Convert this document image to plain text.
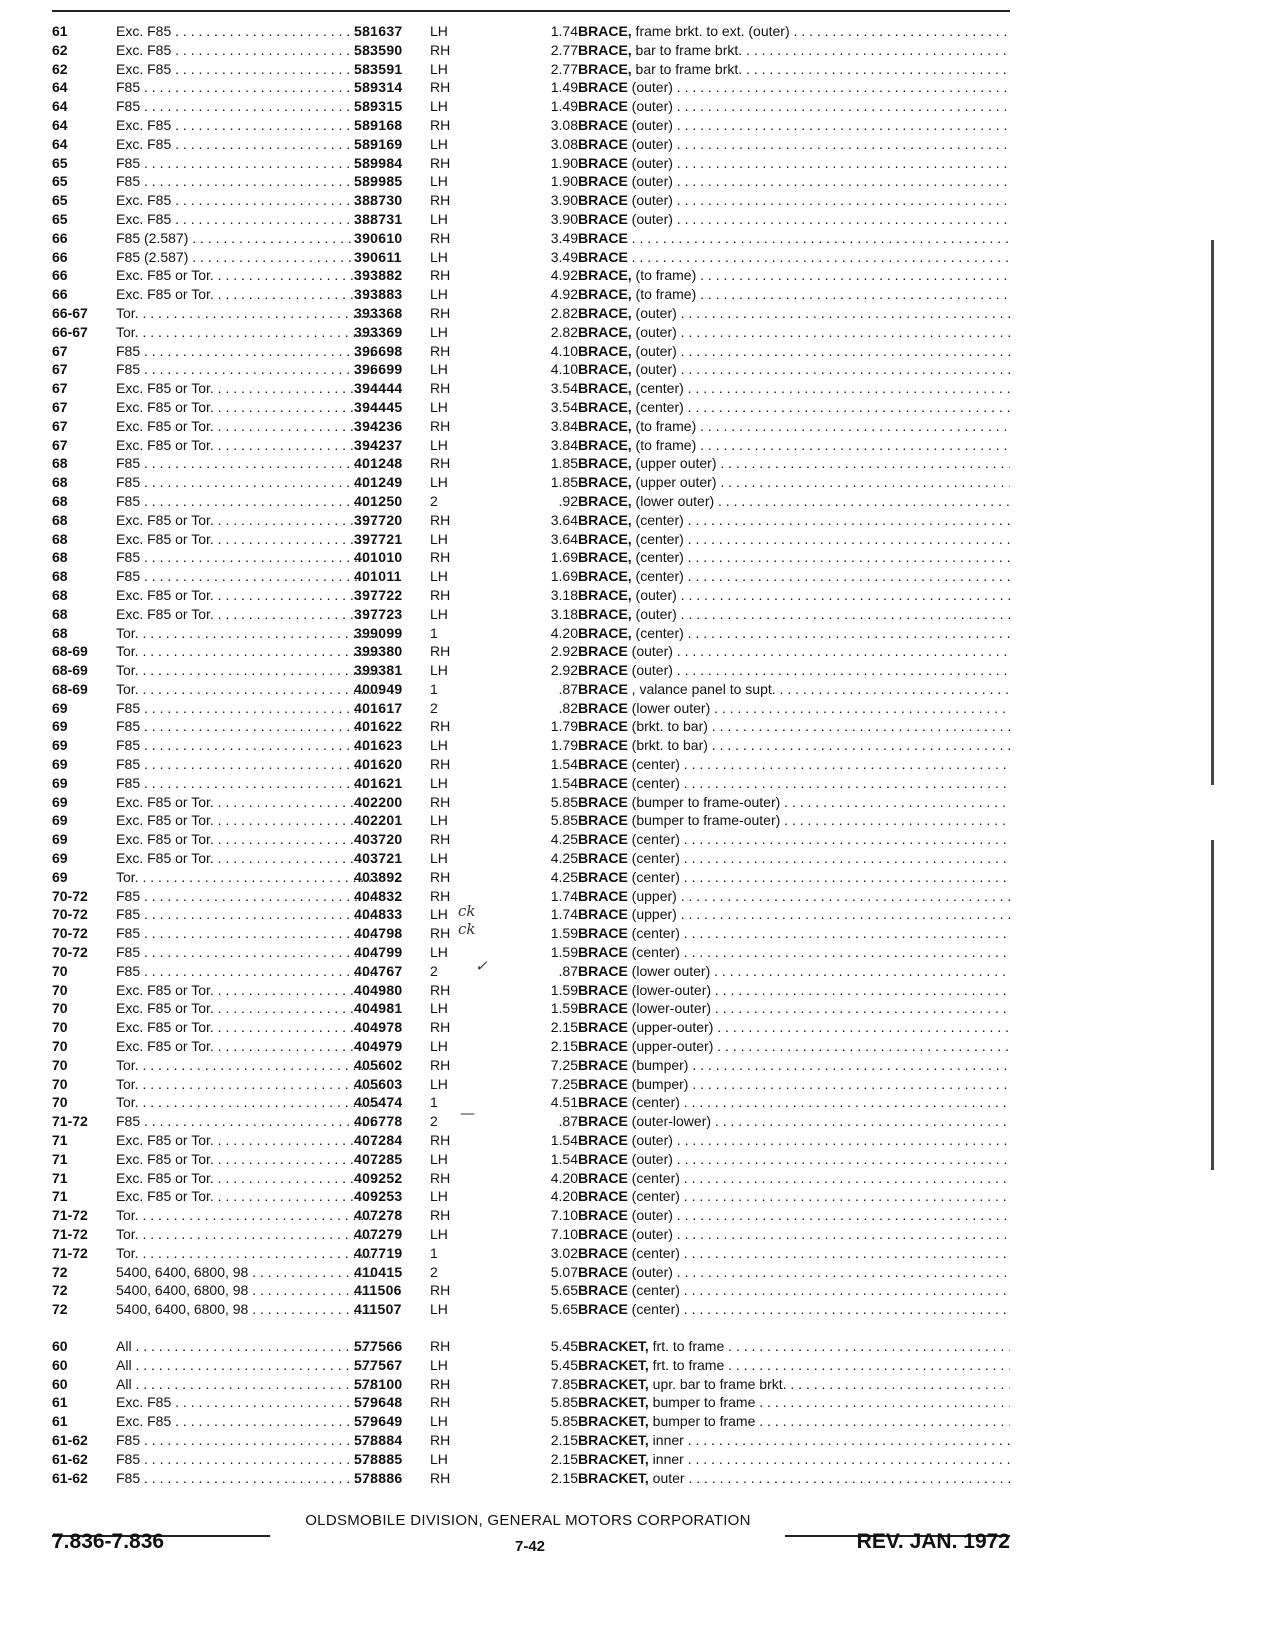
61	Exc. F85 . . .	581637 LH	1.74 BRACE, frame brkt. to ext. (outer) . . .
62	Exc. F85 . . .	583590 RH	2.77 BRACE, bar to frame brkt. . . .
62	Exc. F85 . . .	583591 LH	2.77 BRACE, bar to frame brkt. . . .
64	F85 . . .	589314 RH	1.49 BRACE (outer) . . .
64	F85 . . .	589315 LH	1.49 BRACE (outer) . . .
64	Exc. F85 . . .	589168 RH	3.08 BRACE (outer) . . .
64	Exc. F85 . . .	589169 LH	3.08 BRACE (outer) . . .
65	F85 . . .	589984 RH	1.90 BRACE (outer) . . .
65	F85 . . .	589985 LH	1.90 BRACE (outer) . . .
65	Exc. F85 . . .	388730 RH	3.90 BRACE (outer) . . .
65	Exc. F85 . . .	388731 LH	3.90 BRACE (outer) . . .
66	F85 (2.587) . . .	390610 RH	3.49 BRACE . . .
66	F85 (2.587) . . .	390611 LH	3.49 BRACE . . .
66	Exc. F85 or Tor. . . .	393882 RH	4.92 BRACE, (to frame) . . .
66	Exc. F85 or Tor. . . .	393883 LH	4.92 BRACE, (to frame) . . .
66-67 Tor. . . .	393368 RH	2.82 BRACE, (outer) . . .
66-67 Tor. . . .	393369 LH	2.82 BRACE, (outer) . . .
67	F85 . . .	396698 RH	4.10 BRACE, (outer) . . .
67	F85 . . .	396699 LH	4.10 BRACE, (outer) . . .
67	Exc. F85 or Tor. . . .	394444 RH	3.54 BRACE, (center) . . .
67	Exc. F85 or Tor. . . .	394445 LH	3.54 BRACE, (center) . . .
67	Exc. F85 or Tor. . . .	394236 RH	3.84 BRACE, (to frame) . . .
67	Exc. F85 or Tor. . . .	394237 LH	3.84 BRACE, (to frame) . . .
68	F85 . . .	401248 RH	1.85 BRACE, (upper outer) . . .
68	F85 . . .	401249 LH	1.85 BRACE, (upper outer) . . .
68	F85 . . .	401250 2	.92 BRACE, (lower outer) . . .
68	Exc. F85 or Tor. . . .	397720 RH	3.64 BRACE, (center) . . .
68	Exc. F85 or Tor. . . .	397721 LH	3.64 BRACE, (center) . . .
68	F85 . . .	401010 RH	1.69 BRACE, (center) . . .
68	F85 . . .	401011 LH	1.69 BRACE, (center) . . .
68	Exc. F85 or Tor. . . .	397722 RH	3.18 BRACE, (outer) . . .
68	Exc. F85 or Tor. . . .	397723 LH	3.18 BRACE, (outer) . . .
68	Tor. . . .	399099 1	4.20 BRACE, (center) . . .
68-69 Tor. . . .	399380 RH	2.92 BRACE (outer) . . .
68-69 Tor. . . .	399381 LH	2.92 BRACE (outer) . . .
68-69 Tor. . . .	400949 1	.87 BRACE , valance panel to supt. . . .
69	F85 . . .	401617 2	.82 BRACE (lower outer) . . .
69	F85 . . .	401622 RH	1.79 BRACE (brkt. to bar) . . .
69	F85 . . .	401623 LH	1.79 BRACE (brkt. to bar) . . .
69	F85 . . .	401620 RH	1.54 BRACE (center) . . .
69	F85 . . .	401621 LH	1.54 BRACE (center) . . .
69	Exc. F85 or Tor. . . .	402200 RH	5.85 BRACE (bumper to frame-outer) . . .
69	Exc. F85 or Tor. . . .	402201 LH	5.85 BRACE (bumper to frame-outer) . . .
69	Exc. F85 or Tor. . . .	403720 RH	4.25 BRACE (center) . . .
69	Exc. F85 or Tor. . . .	403721 LH	4.25 BRACE (center) . . .
69	Tor. . . .	403892 RH	4.25 BRACE (center) . . .
70-72 F85 . . .	404832 RH	1.74 BRACE (upper) . . .
70-72 F85 . . .	404833 LH	1.74 BRACE (upper) . . .
70-72 F85 . . .	404798 RH	1.59 BRACE (center) . . .
70-72 F85 . . .	404799 LH	1.59 BRACE (center) . . .
70	F85 . . .	404767 2	.87 BRACE (lower outer) . . .
70	Exc. F85 or Tor. . . .	404980 RH	1.59 BRACE (lower-outer) . . .
70	Exc. F85 or Tor. . . .	404981 LH	1.59 BRACE (lower-outer) . . .
70	Exc. F85 or Tor. . . .	404978 RH	2.15 BRACE (upper-outer) . . .
70	Exc. F85 or Tor. . . .	404979 LH	2.15 BRACE (upper-outer) . . .
70	Tor. . . .	405602 RH	7.25 BRACE (bumper) . . .
70	Tor. . . .	405603 LH	7.25 BRACE (bumper) . . .
70	Tor. . . .	405474 1	4.51 BRACE (center) . . .
71-72 F85 . . .	406778 2	.87 BRACE (outer-lower) . . .
71	Exc. F85 or Tor. . . .	407284 RH	1.54 BRACE (outer) . . .
71	Exc. F85 or Tor. . . .	407285 LH	1.54 BRACE (outer) . . .
71	Exc. F85 or Tor. . . .	409252 RH	4.20 BRACE (center) . . .
71	Exc. F85 or Tor. . . .	409253 LH	4.20 BRACE (center) . . .
71-72 Tor. . . .	407278 RH	7.10 BRACE (outer) . . .
71-72 Tor. . . .	407279 LH	7.10 BRACE (outer) . . .
71-72 Tor. . . .	407719 1	3.02 BRACE (center) . . .
72	5400, 6400, 6800, 98 . . .	410415 2	5.07 BRACE (outer) . . .
72	5400, 6400, 6800, 98 . . .	411506 RH	5.65 BRACE (center) . . .
72	5400, 6400, 6800, 98 . . .	411507 LH	5.65 BRACE (center) . . .
60	All . . .	577566 RH	5.45 BRACKET, frt. to frame . . .
60	All . . .	577567 LH	5.45 BRACKET, frt. to frame . . .
60	All . . .	578100 RH	7.85 BRACKET, upr. bar to frame brkt. . . .
61	Exc. F85 . . .	579648 RH	5.85 BRACKET, bumper to frame . . .
61	Exc. F85 . . .	579649 LH	5.85 BRACKET, bumper to frame . . .
61-62 F85 . . .	578884 RH	2.15 BRACKET, inner . . .
61-62 F85 . . .	578885 LH	2.15 BRACKET, inner . . .
61-62 F85 . . .	578886 RH	2.15 BRACKET, outer . . .
OLDSMOBILE DIVISION, GENERAL MOTORS CORPORATION
7.836-7.836	7-42	REV. JAN. 1972
ck
ck
✓
—
